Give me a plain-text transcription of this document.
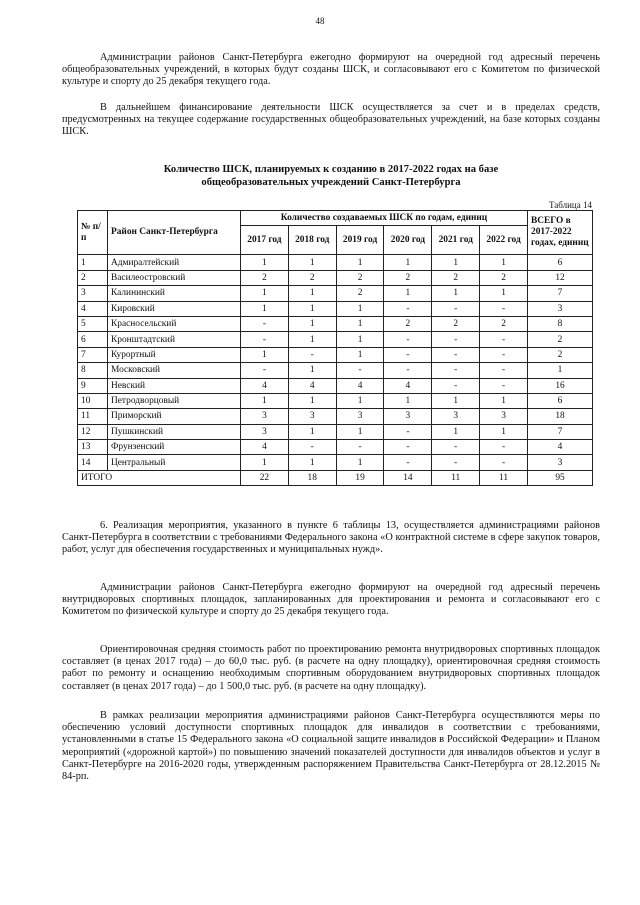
48

Администрации районов Санкт-Петербурга ежегодно формируют на очередной год адресный перечень общеобразовательных учреждений, в которых будут созданы ШСК, и согласовывают его с Комитетом по физической культуре и спорту до 25 декабря текущего года.

В дальнейшем финансирование деятельности ШСК осуществляется за счет и в пределах средств, предусмотренных на текущее содержание государственных общеобразовательных учреждений, на базе которых созданы ШСК.

Количество ШСК, планируемых к созданию в 2017-2022 годах на базе
общеобразовательных учреждений Санкт-Петербурга
Таблица 14
№ п/п	Район Санкт-Петербурга	Количество создаваемых ШСК по годам, единиц						ВСЕГО в 2017-2022 годах, единиц
		2017 год	2018 год	2019 год	2020 год	2021 год	2022 год	
1	Адмиралтейский	1	1	1	1	1	1	6
2	Василеостровский	2	2	2	2	2	2	12
3	Калининский	1	1	2	1	1	1	7
4	Кировский	1	1	1	-	-	-	3
5	Красносельский	-	1	1	2	2	2	8
6	Кронштадтский	-	1	1	-	-	-	2
7	Курортный	1	-	1	-	-	-	2
8	Московский	-	1	-	-	-	-	1
9	Невский	4	4	4	4	-	-	16
10	Петродворцовый	1	1	1	1	1	1	6
11	Приморский	3	3	3	3	3	3	18
12	Пушкинский	3	1	1	-	1	1	7
13	Фрунзенский	4	-	-	-	-	-	4
14	Центральный	1	1	1	-	-	-	3
ИТОГО		22	18	19	14	11	11	95

6. Реализация мероприятия, указанного в пункте 6 таблицы 13, осуществляется администрациями районов Санкт-Петербурга в соответствии с требованиями Федерального закона «О контрактной системе в сфере закупок товаров, работ, услуг для обеспечения государственных и муниципальных нужд».

Администрации районов Санкт-Петербурга ежегодно формируют на очередной год адресный перечень внутридворовых спортивных площадок, запланированных для проектирования и ремонта и согласовывают его с Комитетом по физической культуре и спорту до 25 декабря текущего года.

Ориентировочная средняя стоимость работ по проектированию ремонта внутридворовых спортивных площадок составляет (в ценах 2017 года) – до 60,0 тыс. руб. (в расчете на одну площадку), ориентировочная средняя стоимость работ по ремонту и оснащению необходимым спортивным оборудованием внутридворовых спортивных площадок составляет (в ценах 2017 года) – до 1 500,0 тыс. руб. (в расчете на одну площадку).

В рамках реализации мероприятия администрациями районов Санкт-Петербурга осуществляются меры по обеспечению условий доступности спортивных площадок для инвалидов в соответствии с требованиями, установленными в статье 15 Федерального закона «О социальной защите инвалидов в Российской Федерации» и Планом мероприятий («дорожной картой») по повышению значений показателей доступности для инвалидов объектов и услуг в Санкт-Петербурге на 2016-2020 годы, утвержденным распоряжением Правительства Санкт-Петербурга от 28.12.2015 № 84-рп.
